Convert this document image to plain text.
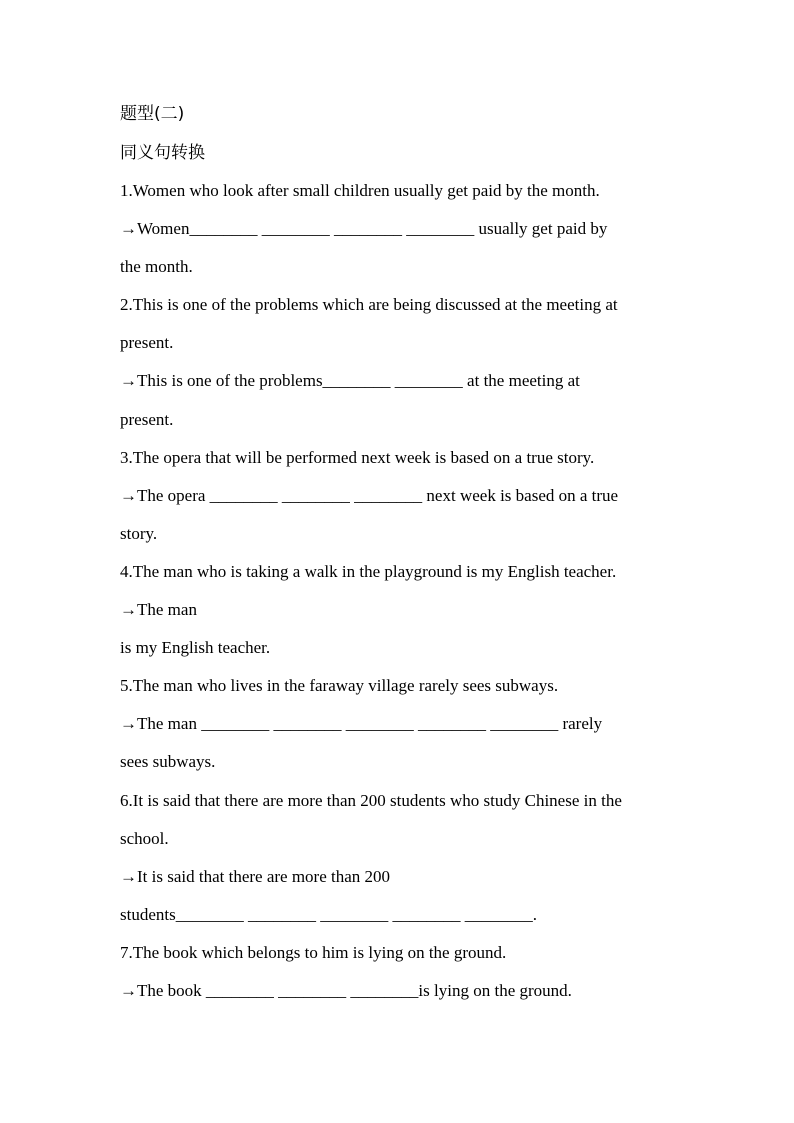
题型(二)
同义句转换
1.Women who look after small children usually get paid by the month.
→Women________ ________ ________ ________ usually get paid by
the month.
2.This is one of the problems which are being discussed at the meeting at
present.
→This is one of the problems________ ________ at the meeting at
present.
3.The opera that will be performed next week is based on a true story.
→The opera ________ ________ ________ next week is based on a true
story.
4.The man who is taking a walk in the playground is my English teacher.
→The man
is my English teacher.
5.The man who lives in the faraway village rarely sees subways.
→The man ________ ________ ________ ________ ________ rarely
sees subways.
6.It is said that there are more than 200 students who study Chinese in the
school.
→It is said that there are more than 200
students________ ________ ________ ________ ________.
7.The book which belongs to him is lying on the ground.
→The book ________ ________ ________is lying on the ground.
